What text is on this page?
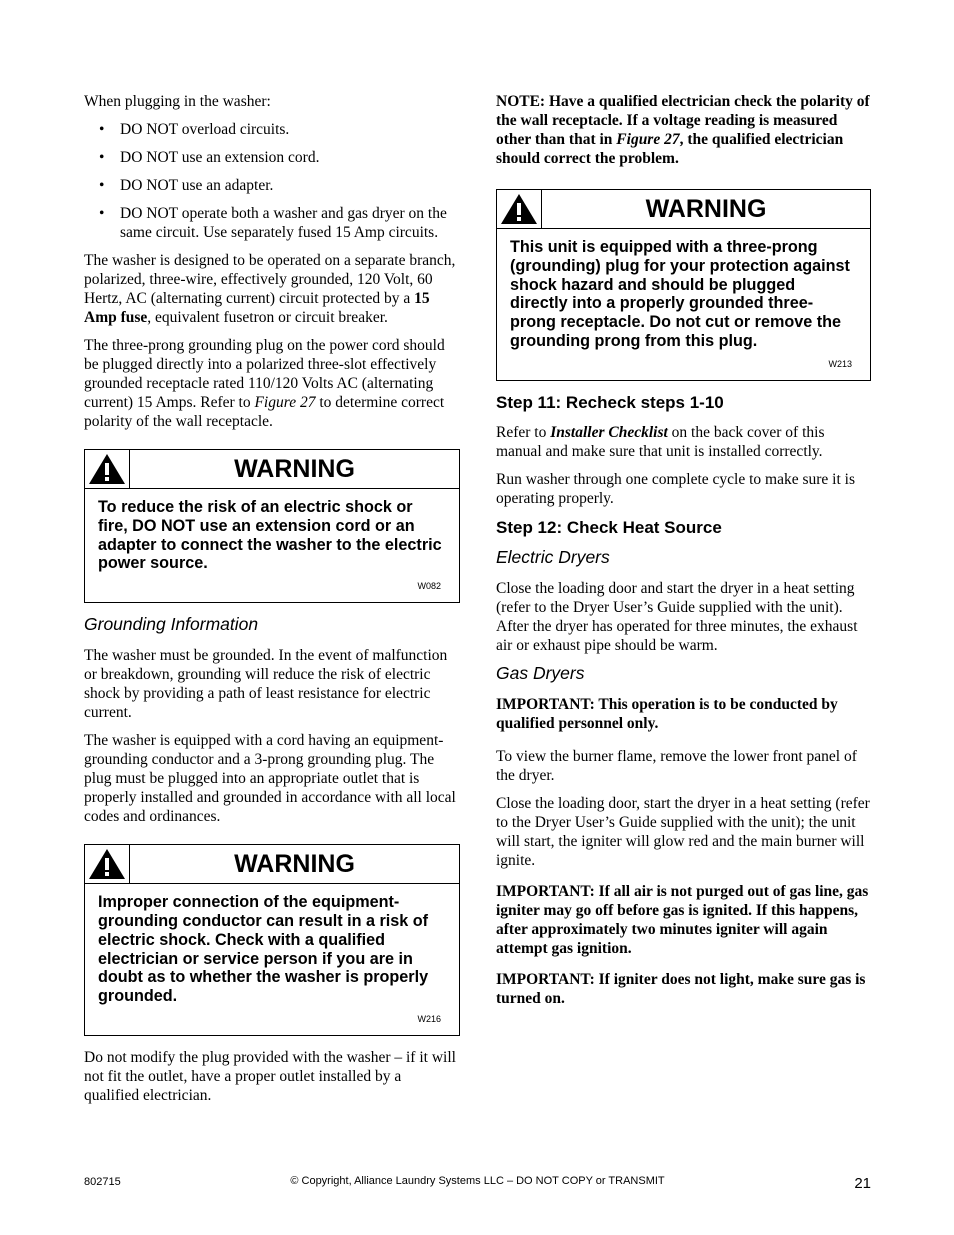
When plugging in the washer:

• DO NOT overload circuits.
• DO NOT use an extension cord.
• DO NOT use an adapter.
• DO NOT operate both a washer and gas dryer on the same circuit. Use separately fused 15 Amp circuits.

The washer is designed to be operated on a separate branch, polarized, three-wire, effectively grounded, 120 Volt, 60 Hertz, AC (alternating current) circuit protected by a 15 Amp fuse, equivalent fusetron or circuit breaker.

The three-prong grounding plug on the power cord should be plugged directly into a polarized three-slot effectively grounded receptacle rated 110/120 Volts AC (alternating current) 15 Amps. Refer to Figure 27 to determine correct polarity of the wall receptacle.

WARNING
To reduce the risk of an electric shock or fire, DO NOT use an extension cord or an adapter to connect the washer to the electric power source.
W082
Grounding Information

The washer must be grounded. In the event of malfunction or breakdown, grounding will reduce the risk of electric shock by providing a path of least resistance for electric current.

The washer is equipped with a cord having an equipment-grounding conductor and a 3-prong grounding plug. The plug must be plugged into an appropriate outlet that is properly installed and grounded in accordance with all local codes and ordinances.

WARNING
Improper connection of the equipment-grounding conductor can result in a risk of electric shock. Check with a qualified electrician or service person if you are in doubt as to whether the washer is properly grounded.
W216

Do not modify the plug provided with the washer – if it will not fit the outlet, have a proper outlet installed by a qualified electrician.

NOTE: Have a qualified electrician check the polarity of the wall receptacle. If a voltage reading is measured other than that in Figure 27, the qualified electrician should correct the problem.

WARNING
This unit is equipped with a three-prong (grounding) plug for your protection against shock hazard and should be plugged directly into a properly grounded three-prong receptacle. Do not cut or remove the grounding prong from this plug.
W213
Step 11: Recheck steps 1-10

Refer to Installer Checklist on the back cover of this manual and make sure that unit is installed correctly.

Run washer through one complete cycle to make sure it is operating properly.

Step 12: Check Heat Source
Electric Dryers

Close the loading door and start the dryer in a heat setting (refer to the Dryer User’s Guide supplied with the unit). After the dryer has operated for three minutes, the exhaust air or exhaust pipe should be warm.

Gas Dryers

IMPORTANT: This operation is to be conducted by qualified personnel only.

To view the burner flame, remove the lower front panel of the dryer.

Close the loading door, start the dryer in a heat setting (refer to the Dryer User’s Guide supplied with the unit); the unit will start, the igniter will glow red and the main burner will ignite.

IMPORTANT: If all air is not purged out of gas line, gas igniter may go off before gas is ignited. If this happens, after approximately two minutes igniter will again attempt gas ignition.

IMPORTANT: If igniter does not light, make sure gas is turned on.

802715	© Copyright, Alliance Laundry Systems LLC – DO NOT COPY or TRANSMIT	21
